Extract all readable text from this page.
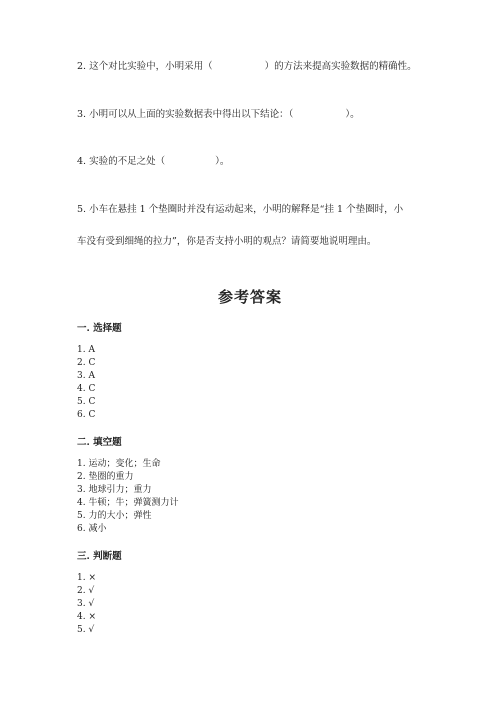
2. 这个对比实验中，小明采用（	）的方法来提高实验数据的精确性。
3. 小明可以从上面的实验数据表中得出以下结论：（	）。
4. 实验的不足之处（	）。
5. 小车在悬挂 1 个垫圈时并没有运动起来，小明的解释是“挂 1 个垫圈时，小
车没有受到细绳的拉力”，你是否支持小明的观点？请简要地说明理由。
参考答案
一. 选择题
1. A
2. C
3. A
4. C
5. C
6. C
二. 填空题
1. 运动；变化；生命
2. 垫圈的重力
3. 地球引力；重力
4. 牛顿；牛；弹簧测力计
5. 力的大小；弹性
6. 减小
三. 判断题
1. ×
2. √
3. √
4. ×
5. √
